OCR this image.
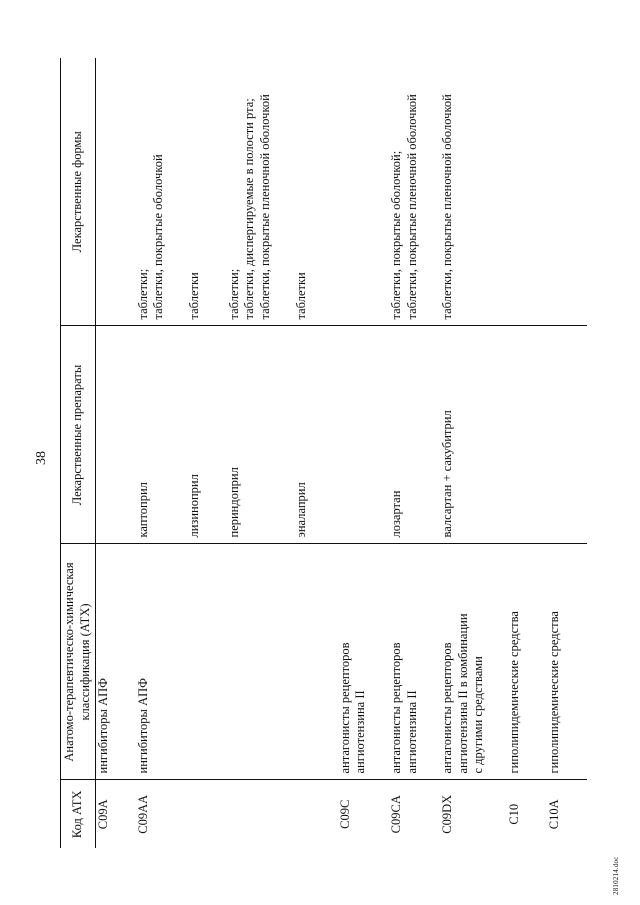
38
Код АТХ	Анатомо-терапевтическо-химическая классификация (АТХ)	Лекарственные препараты	Лекарственные формы
C09A	ингибиторы АПФ		

C09AA	ингибиторы АПФ	каптоприл	таблетки; таблетки, покрытые оболочкой

		лизиноприл	таблетки

		периндоприл	таблетки; таблетки, диспергируемые в полости рта; таблетки, покрытые пленочной оболочкой

		эналаприл	таблетки

C09C	антагонисты рецепторов ангиотензина II		

C09CA	антагонисты рецепторов ангиотензина II	лозартан	таблетки, покрытые оболочкой; таблетки, покрытые пленочной оболочкой

C09DX	антагонисты рецепторов ангиотензина II в комбинации с другими средствами	валсартан + сакубитрил	таблетки, покрытые пленочной оболочкой

C10	гиполипидемические средства		

C10A	гиполипидемические средства		

2810214.doc
